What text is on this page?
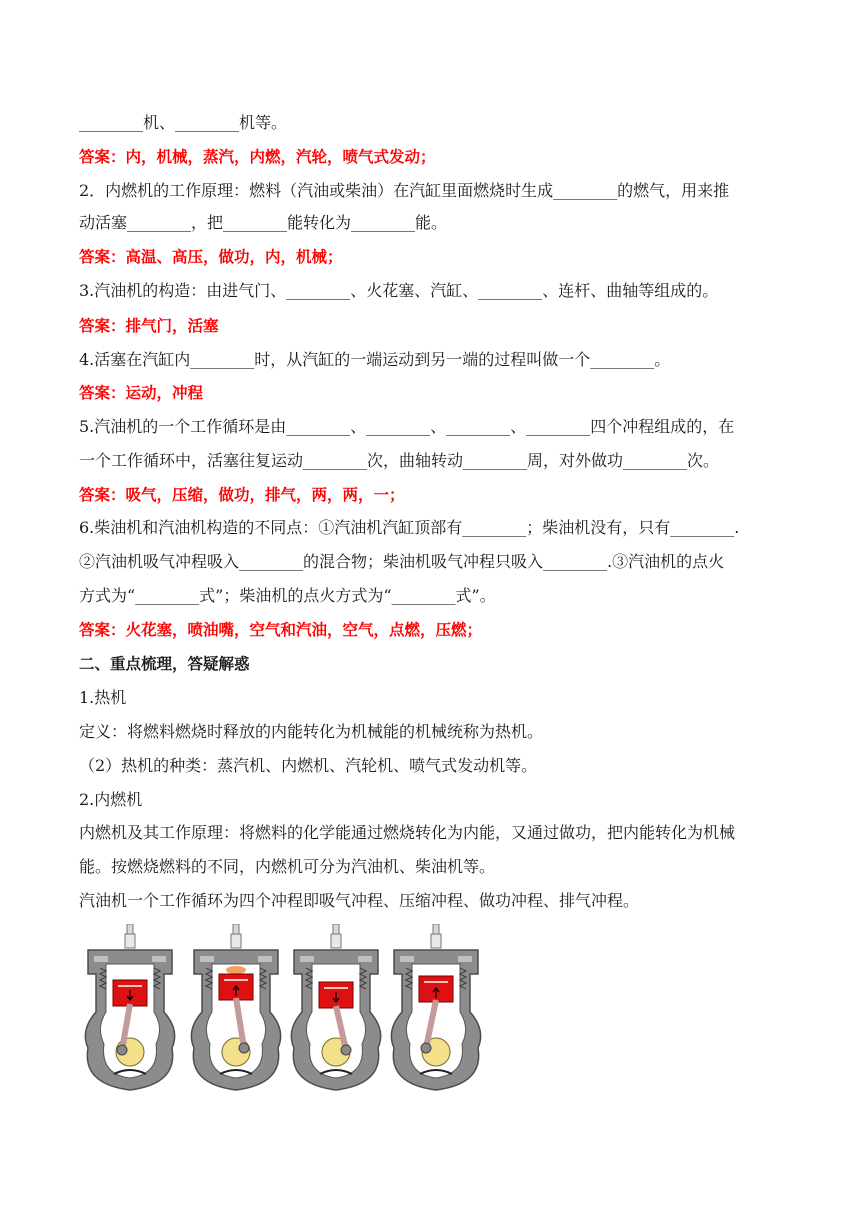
________机、________机等。
答案：内，机械，蒸汽，内燃，汽轮，喷气式发动；
2．内燃机的工作原理：燃料（汽油或柴油）在汽缸里面燃烧时生成________的燃气，用来推
动活塞________，把________能转化为________能。
答案：高温、高压，做功，内，机械；
3.汽油机的构造：由进气门、________、火花塞、汽缸、________、连杆、曲轴等组成的。
答案：排气门，活塞
4.活塞在汽缸内________时，从汽缸的一端运动到另一端的过程叫做一个________。
答案：运动，冲程
5.汽油机的一个工作循环是由________、________、________、________四个冲程组成的，在
一个工作循环中，活塞往复运动________次，曲轴转动________周，对外做功________次。
答案：吸气，压缩，做功，排气，两，两，一；
6.柴油机和汽油机构造的不同点：①汽油机汽缸顶部有________；柴油机没有，只有________.
②汽油机吸气冲程吸入________的混合物；柴油机吸气冲程只吸入________.③汽油机的点火
方式为“________式”；柴油机的点火方式为“________式”。
答案：火花塞，喷油嘴，空气和汽油，空气，点燃，压燃；
二、重点梳理，答疑解惑
1.热机
定义：将燃料燃烧时释放的内能转化为机械能的机械统称为热机。
（2）热机的种类：蒸汽机、内燃机、汽轮机、喷气式发动机等。
2.内燃机
内燃机及其工作原理：将燃料的化学能通过燃烧转化为内能，又通过做功，把内能转化为机械
能。按燃烧燃料的不同，内燃机可分为汽油机、柴油机等。
汽油机一个工作循环为四个冲程即吸气冲程、压缩冲程、做功冲程、排气冲程。
